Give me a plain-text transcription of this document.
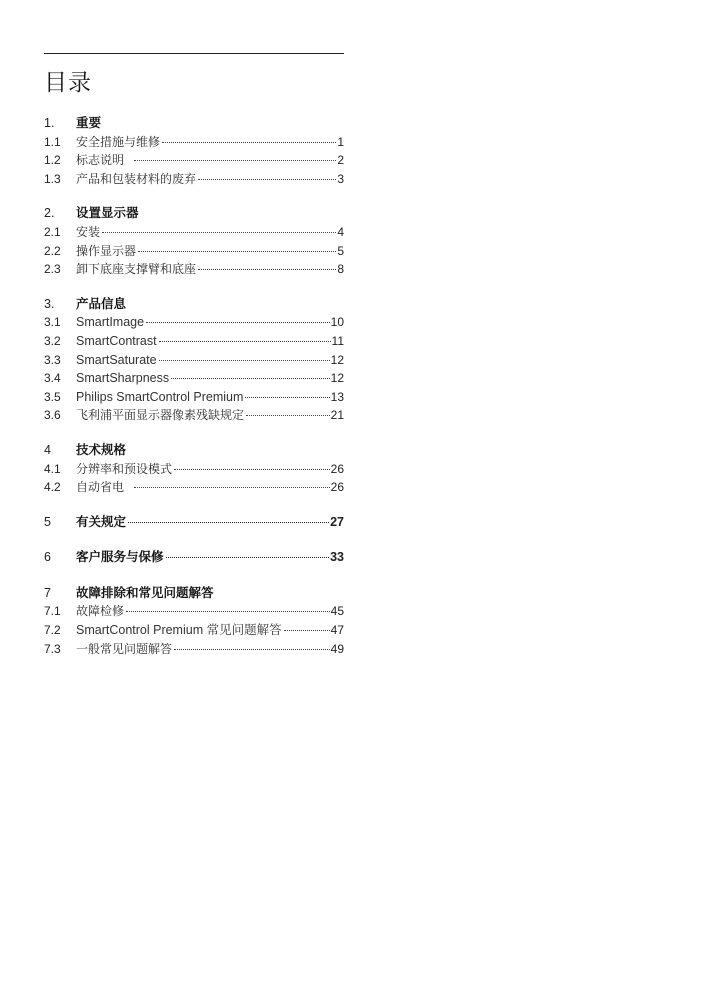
目录
1.	重要
1.1	安全措施与维修	1
1.2	标志说明	2
1.3	产品和包装材料的废弃	3
2.	设置显示器
2.1	安装	4
2.2	操作显示器	5
2.3	卸下底座支撑臂和底座	8
3.	产品信息
3.1	SmartImage	10
3.2	SmartContrast	11
3.3	SmartSaturate	12
3.4	SmartSharpness	12
3.5	Philips SmartControl Premium	13
3.6	飞利浦平面显示器像素残缺规定	21
4	技术规格
4.1	分辨率和预设模式	26
4.2	自动省电	26
5	有关规定	27
6	客户服务与保修	33
7	故障排除和常见问题解答
7.1	故障检修	45
7.2	SmartControl Premium 常见问题解答	47
7.3	一般常见问题解答	49
